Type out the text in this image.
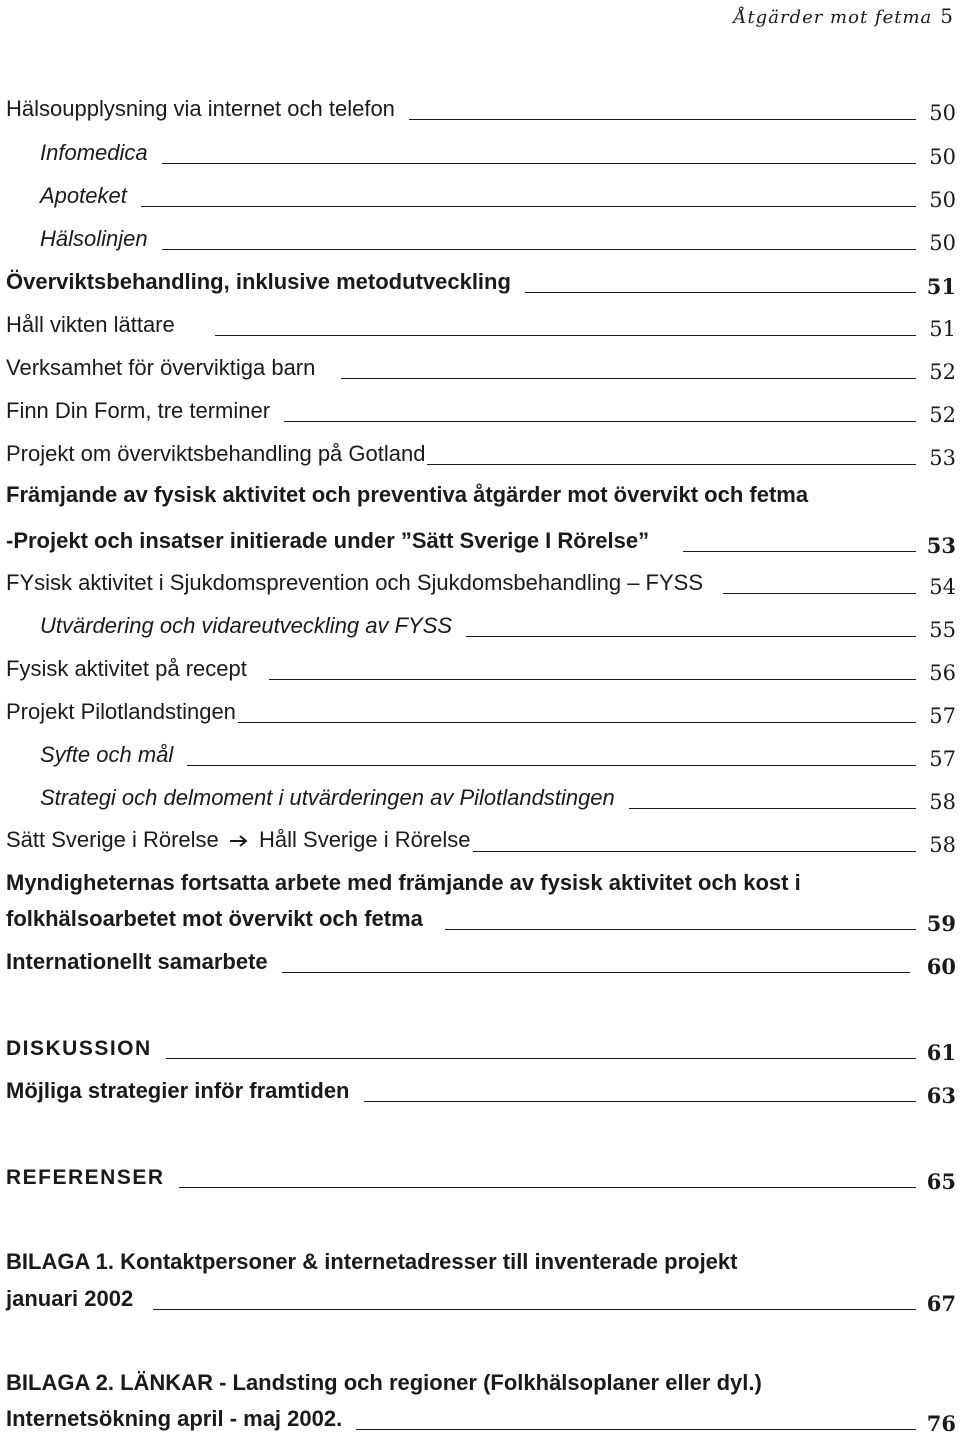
Åtgärder mot fetma 5
Hälsoupplysning via internet och telefon	50
Infomedica	50
Apoteket	50
Hälsolinjen	50
Överviktsbehandling, inklusive metodutveckling	51
Håll vikten lättare	51
Verksamhet för överviktiga barn	52
Finn Din Form, tre terminer	52
Projekt om överviktsbehandling på Gotland	53
Främjande av fysisk aktivitet och preventiva åtgärder mot övervikt och fetma
-Projekt och insatser initierade under ”Sätt Sverige I Rörelse”	53
FYsisk aktivitet i Sjukdomsprevention och Sjukdomsbehandling – FYSS	54
Utvärdering och vidareutveckling av FYSS	55
Fysisk aktivitet på recept	56
Projekt Pilotlandstingen	57
Syfte och mål	57
Strategi och delmoment i utvärderingen av Pilotlandstingen	58
Sätt Sverige i Rörelse Håll Sverige i Rörelse	58
Myndigheternas fortsatta arbete med främjande av fysisk aktivitet och kost i
folkhälsoarbetet mot övervikt och fetma	59
Internationellt samarbete	60
DISKUSSION	61
Möjliga strategier inför framtiden	63
REFERENSER	65
BILAGA 1. Kontaktpersoner & internetadresser till inventerade projekt
januari 2002	67
BILAGA 2. LÄNKAR - Landsting och regioner (Folkhälsoplaner eller dyl.)
Internetsökning april - maj 2002.	76
